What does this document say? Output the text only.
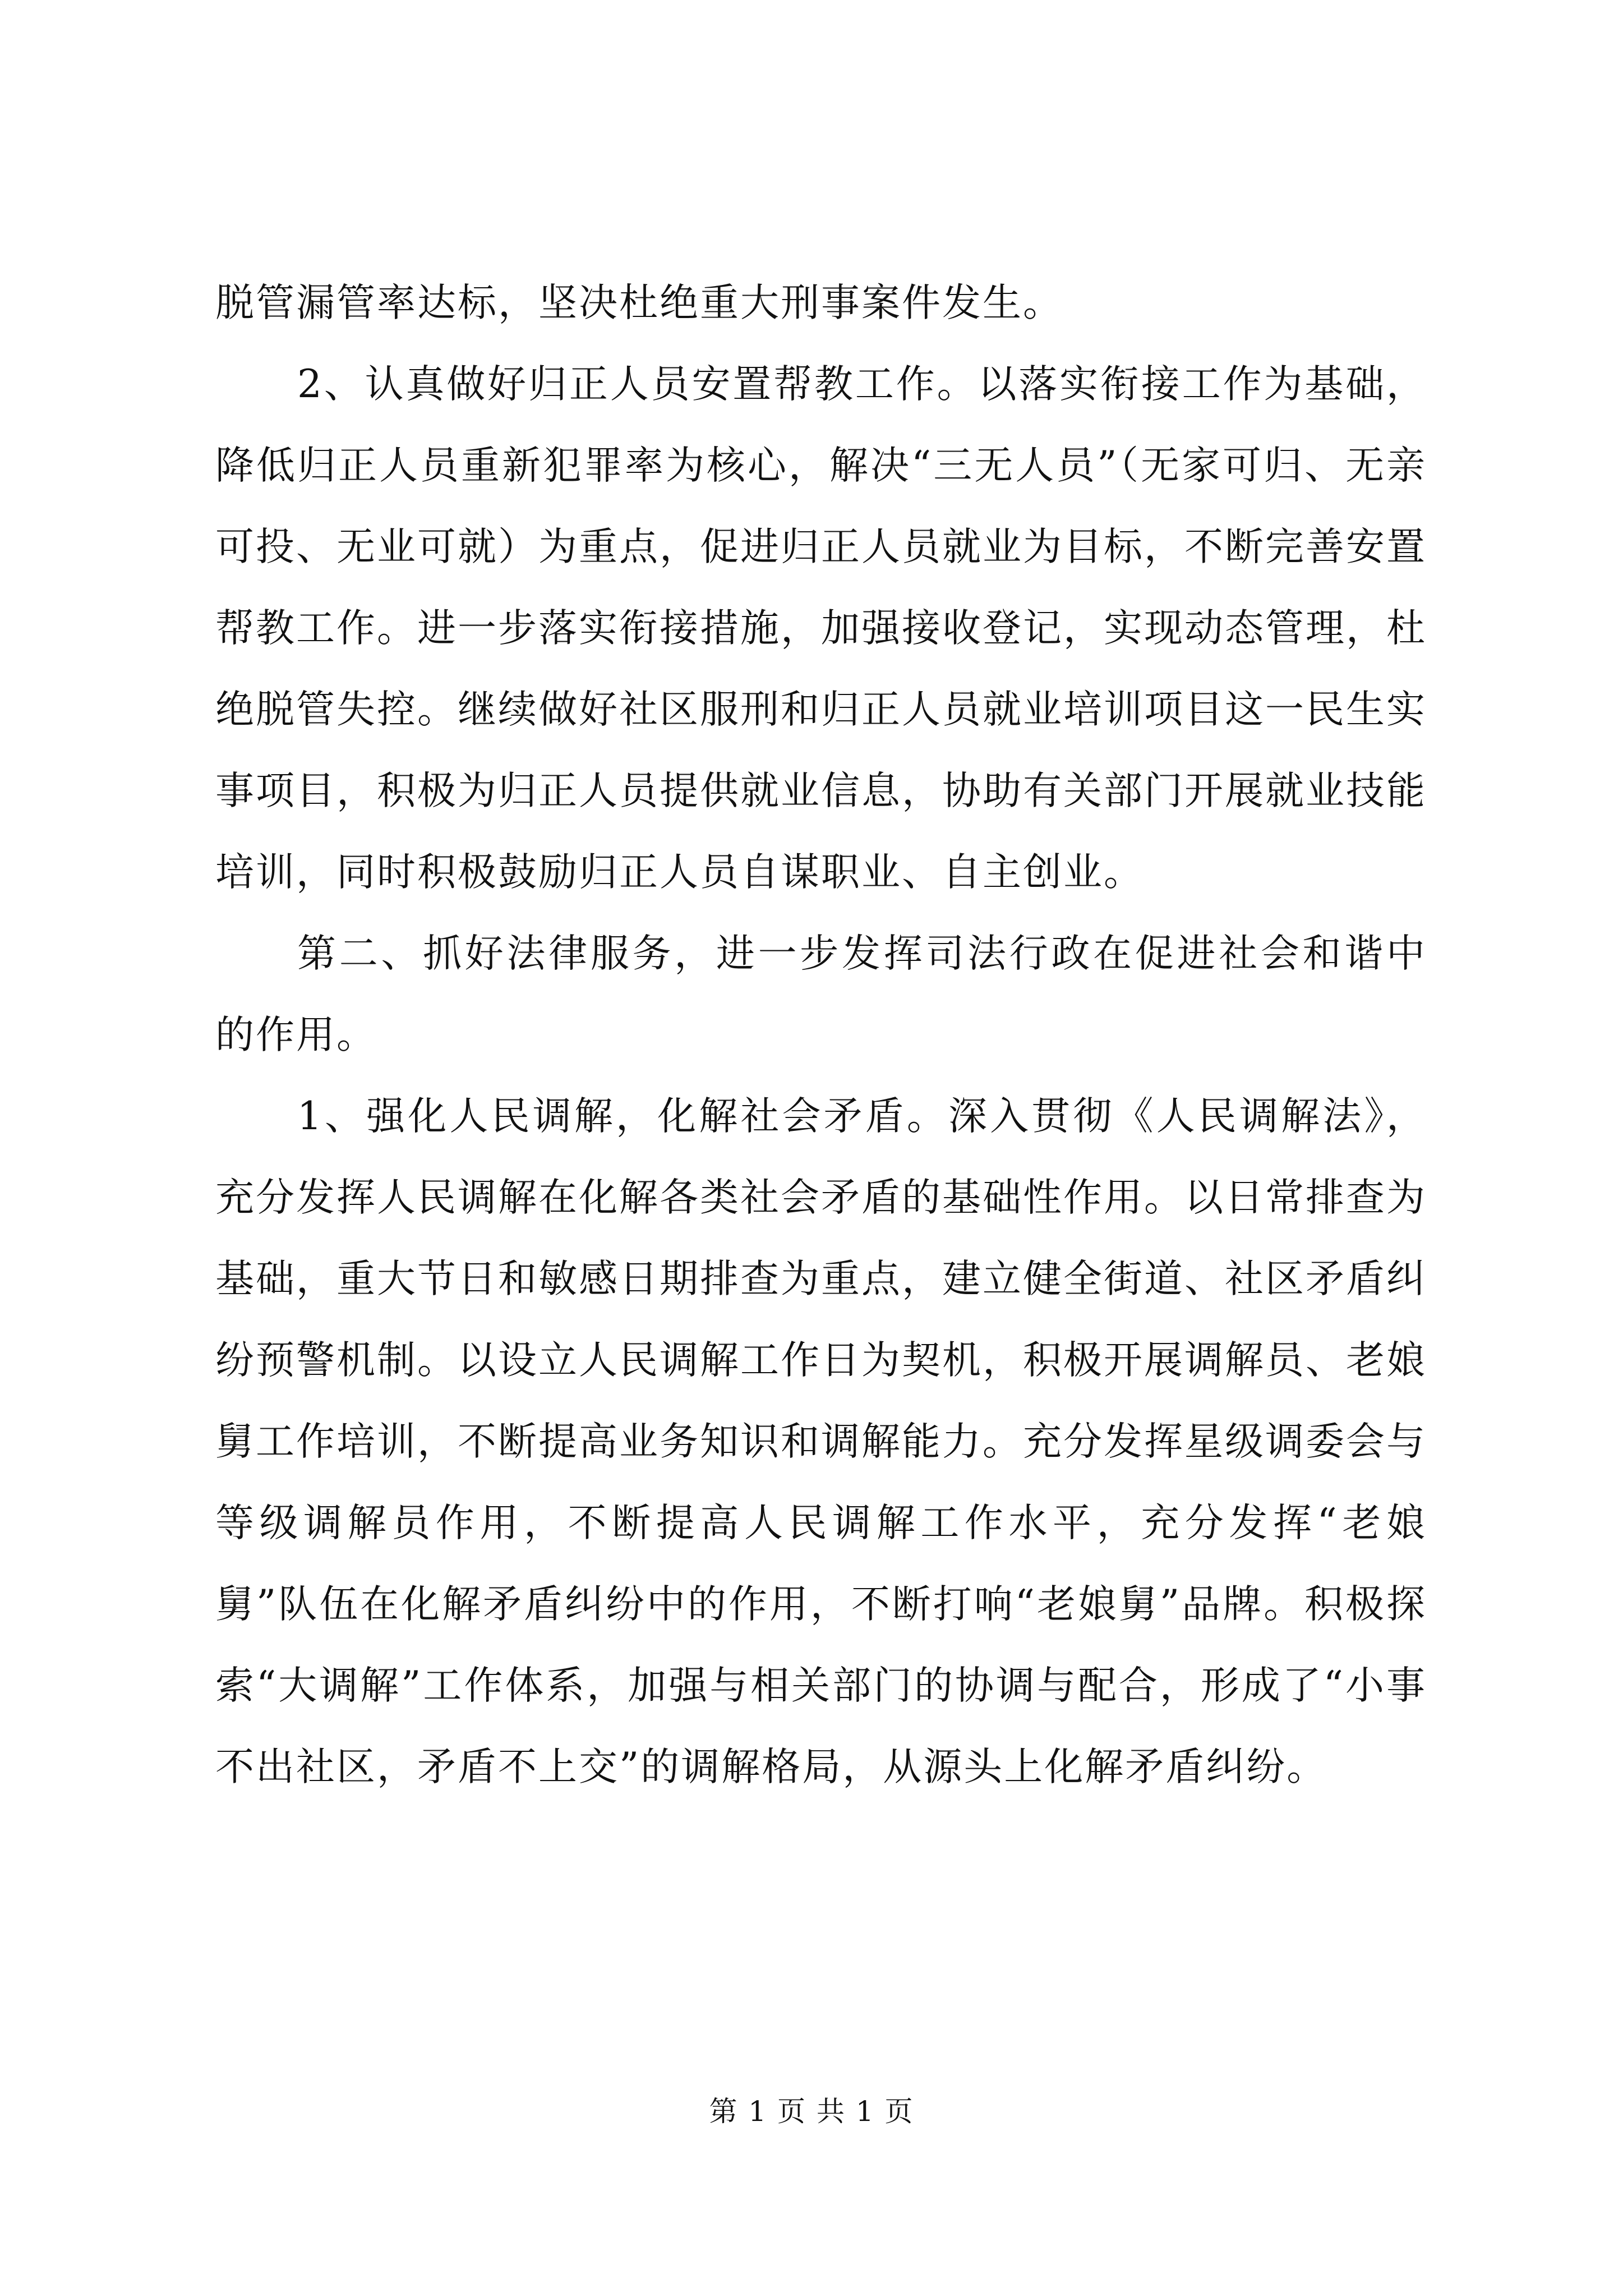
脱管漏管率达标，坚决杜绝重大刑事案件发生。

2、认真做好归正人员安置帮教工作。以落实衔接工作为基础，降低归正人员重新犯罪率为核心，解决“三无人员”（无家可归、无亲可投、无业可就）为重点，促进归正人员就业为目标，不断完善安置帮教工作。进一步落实衔接措施，加强接收登记，实现动态管理，杜绝脱管失控。继续做好社区服刑和归正人员就业培训项目这一民生实事项目，积极为归正人员提供就业信息，协助有关部门开展就业技能培训，同时积极鼓励归正人员自谋职业、自主创业。

第二、抓好法律服务，进一步发挥司法行政在促进社会和谐中的作用。

1、强化人民调解，化解社会矛盾。深入贯彻《人民调解法》，充分发挥人民调解在化解各类社会矛盾的基础性作用。以日常排查为基础，重大节日和敏感日期排查为重点，建立健全街道、社区矛盾纠纷预警机制。以设立人民调解工作日为契机，积极开展调解员、老娘舅工作培训，不断提高业务知识和调解能力。充分发挥星级调委会与等级调解员作用，不断提高人民调解工作水平，充分发挥“老娘舅”队伍在化解矛盾纠纷中的作用，不断打响“老娘舅”品牌。积极探索“大调解”工作体系，加强与相关部门的协调与配合，形成了“小事不出社区，矛盾不上交”的调解格局，从源头上化解矛盾纠纷。

第 1 页 共 1 页
